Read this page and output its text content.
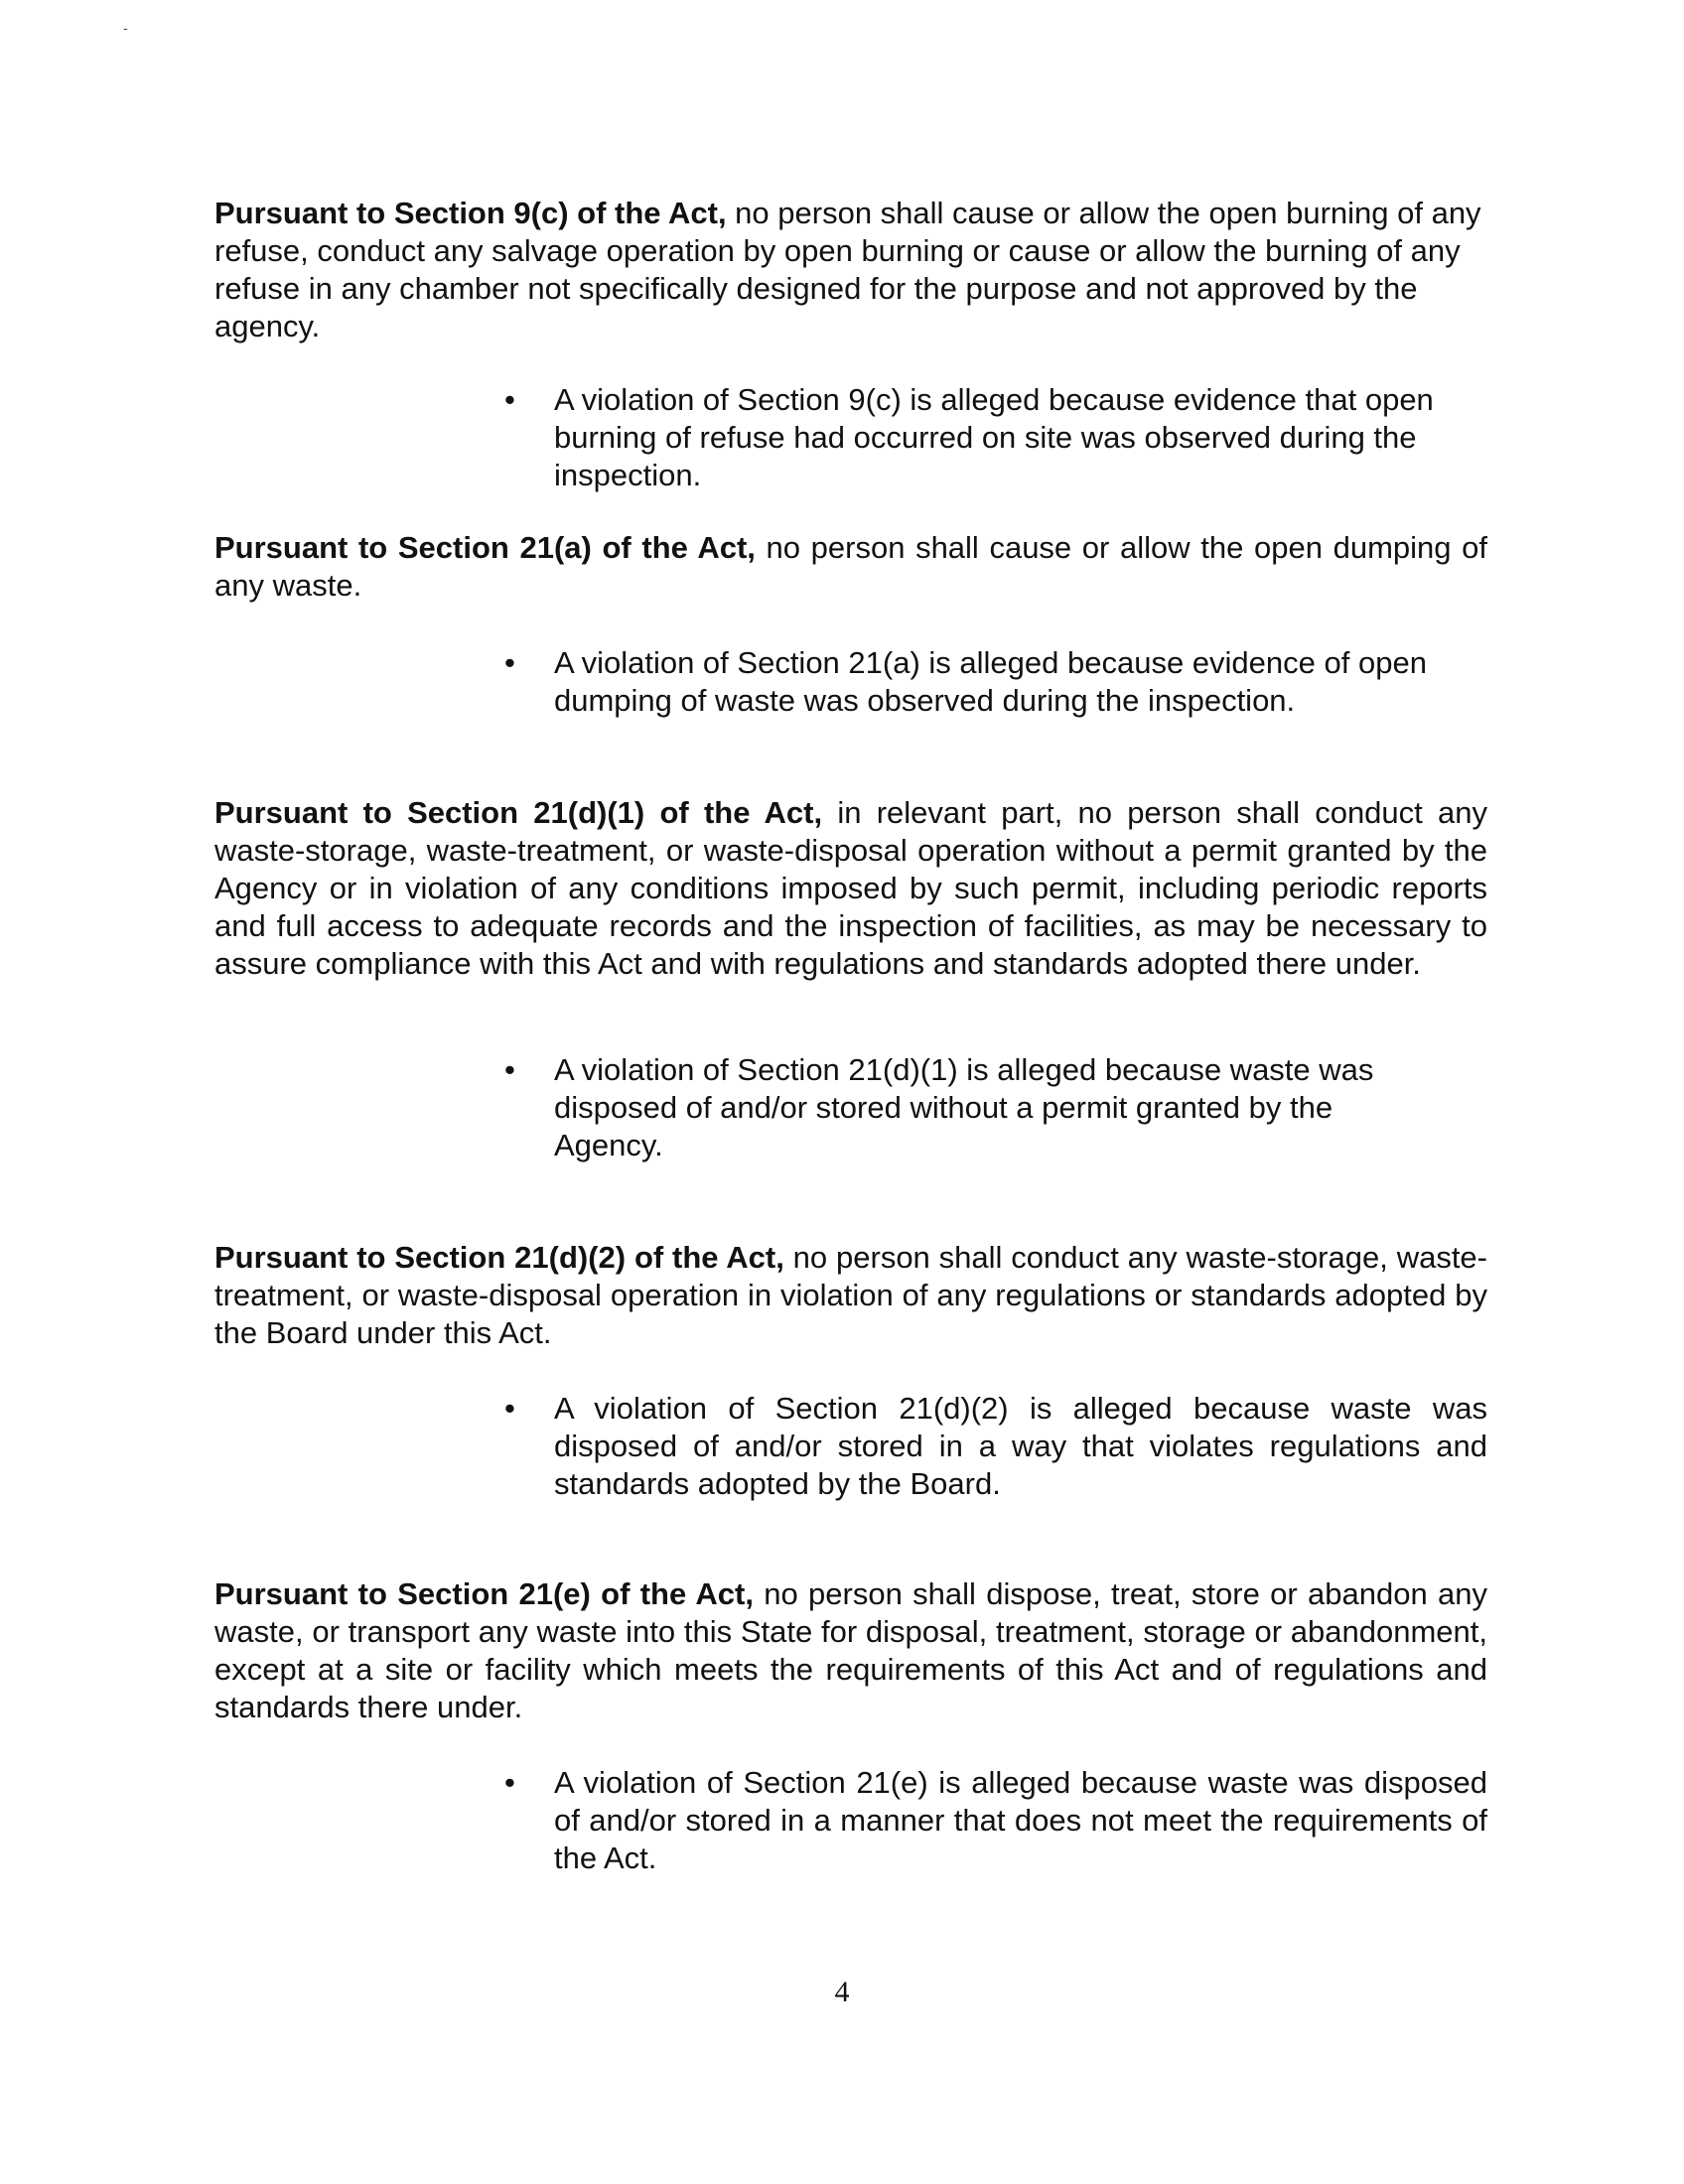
-

Pursuant to Section 9(c) of the Act, no person shall cause or allow the open burning of any refuse, conduct any salvage operation by open burning or cause or allow the burning of any refuse in any chamber not specifically designed for the purpose and not approved by the agency.

•	A violation of Section 9(c) is alleged because evidence that open burning of refuse had occurred on site was observed during the inspection.

Pursuant to Section 21(a) of the Act, no person shall cause or allow the open dumping of any waste.

•	A violation of Section 21(a) is alleged because evidence of open dumping of waste was observed during the inspection.

Pursuant to Section 21(d)(1) of the Act, in relevant part, no person shall conduct any waste-storage, waste-treatment, or waste-disposal operation without a permit granted by the Agency or in violation of any conditions imposed by such permit, including periodic reports and full access to adequate records and the inspection of facilities, as may be necessary to assure compliance with this Act and with regulations and standards adopted there under.

•	A violation of Section 21(d)(1) is alleged because waste was disposed of and/or stored without a permit granted by the Agency.

Pursuant to Section 21(d)(2) of the Act, no person shall conduct any waste-storage, waste-treatment, or waste-disposal operation in violation of any regulations or standards adopted by the Board under this Act.

•	A violation of Section 21(d)(2) is alleged because waste was disposed of and/or stored in a way that violates regulations and standards adopted by the Board.

Pursuant to Section 21(e) of the Act, no person shall dispose, treat, store or abandon any waste, or transport any waste into this State for disposal, treatment, storage or abandonment, except at a site or facility which meets the requirements of this Act and of regulations and standards there under.

•	A violation of Section 21(e) is alleged because waste was disposed of and/or stored in a manner that does not meet the requirements of the Act.

4
